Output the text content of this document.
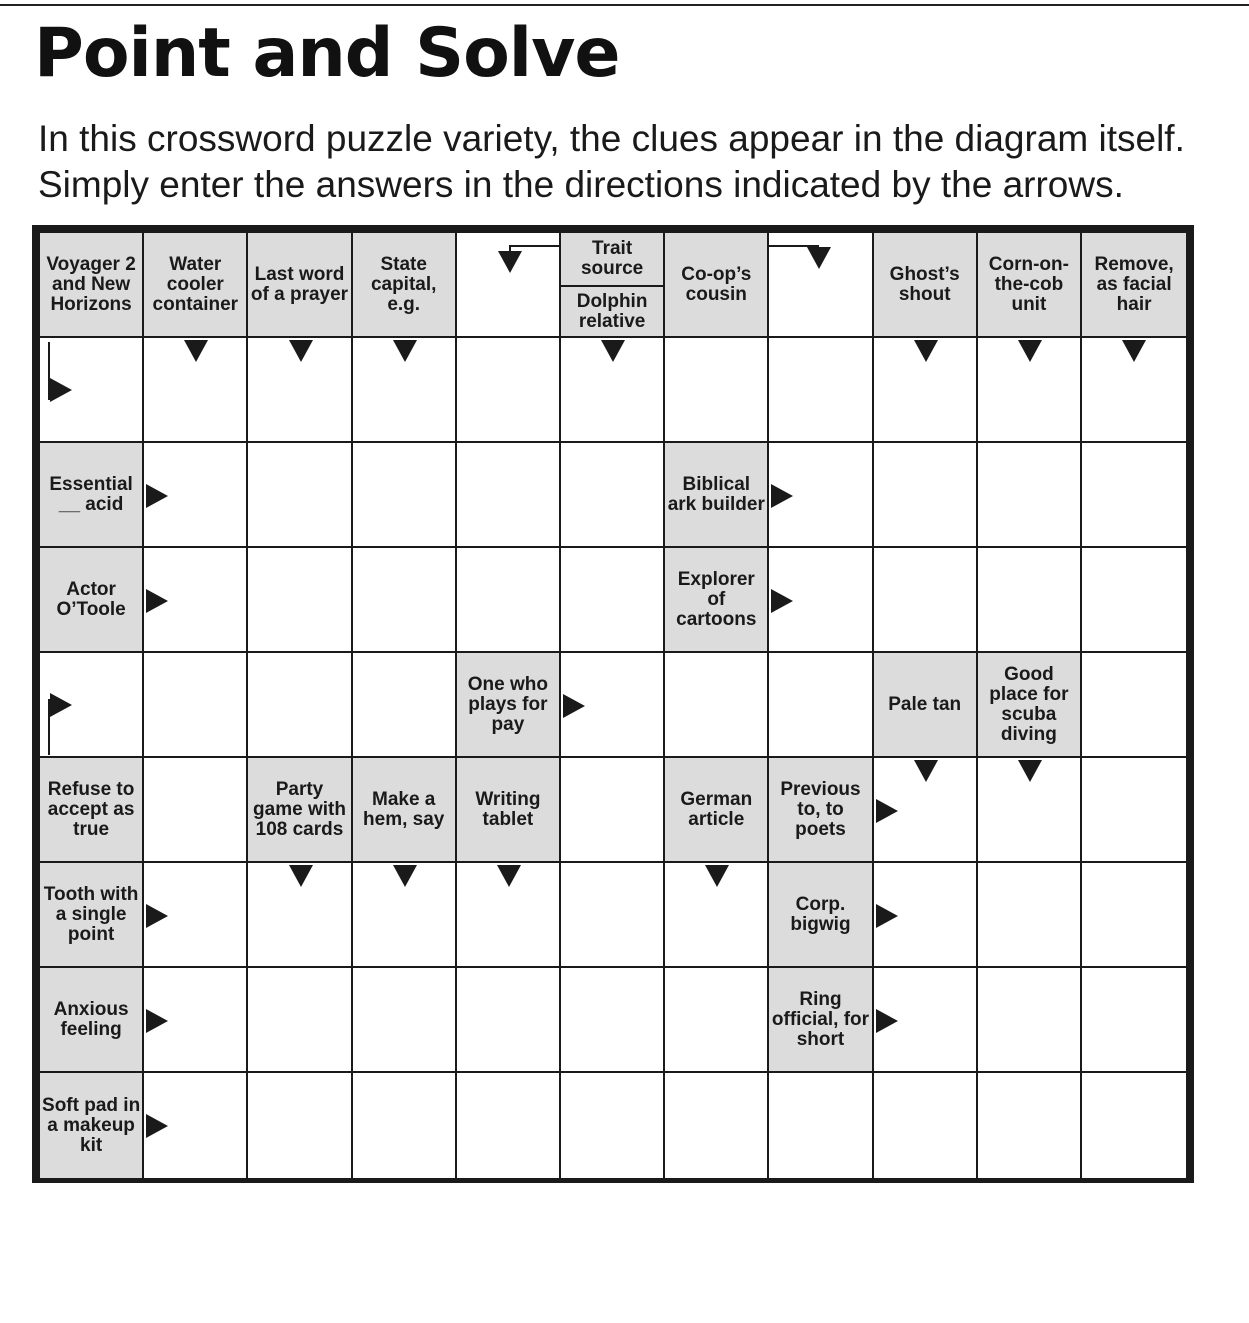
Point and Solve

In this crossword puzzle variety, the clues appear in the diagram itself.

Simply enter the answers in the directions indicated by the arrows.

Voyager 2 and New Horizons
Water cooler container
Last word of a prayer
State capital, e.g.
Trait source
Dolphin relative
Co-op’s cousin
Ghost’s shout
Corn-on-the-cob unit
Remove, as facial hair
Essential __ acid
Biblical ark builder
Actor O’Toole
Explorer of cartoons
One who plays for pay
Pale tan
Good place for scuba diving
Refuse to accept as true
Party game with 108 cards
Make a hem, say
Writing tablet
German article
Previous to, to poets
Tooth with a single point
Corp. bigwig
Anxious feeling
Ring official, for short
Soft pad in a makeup kit
